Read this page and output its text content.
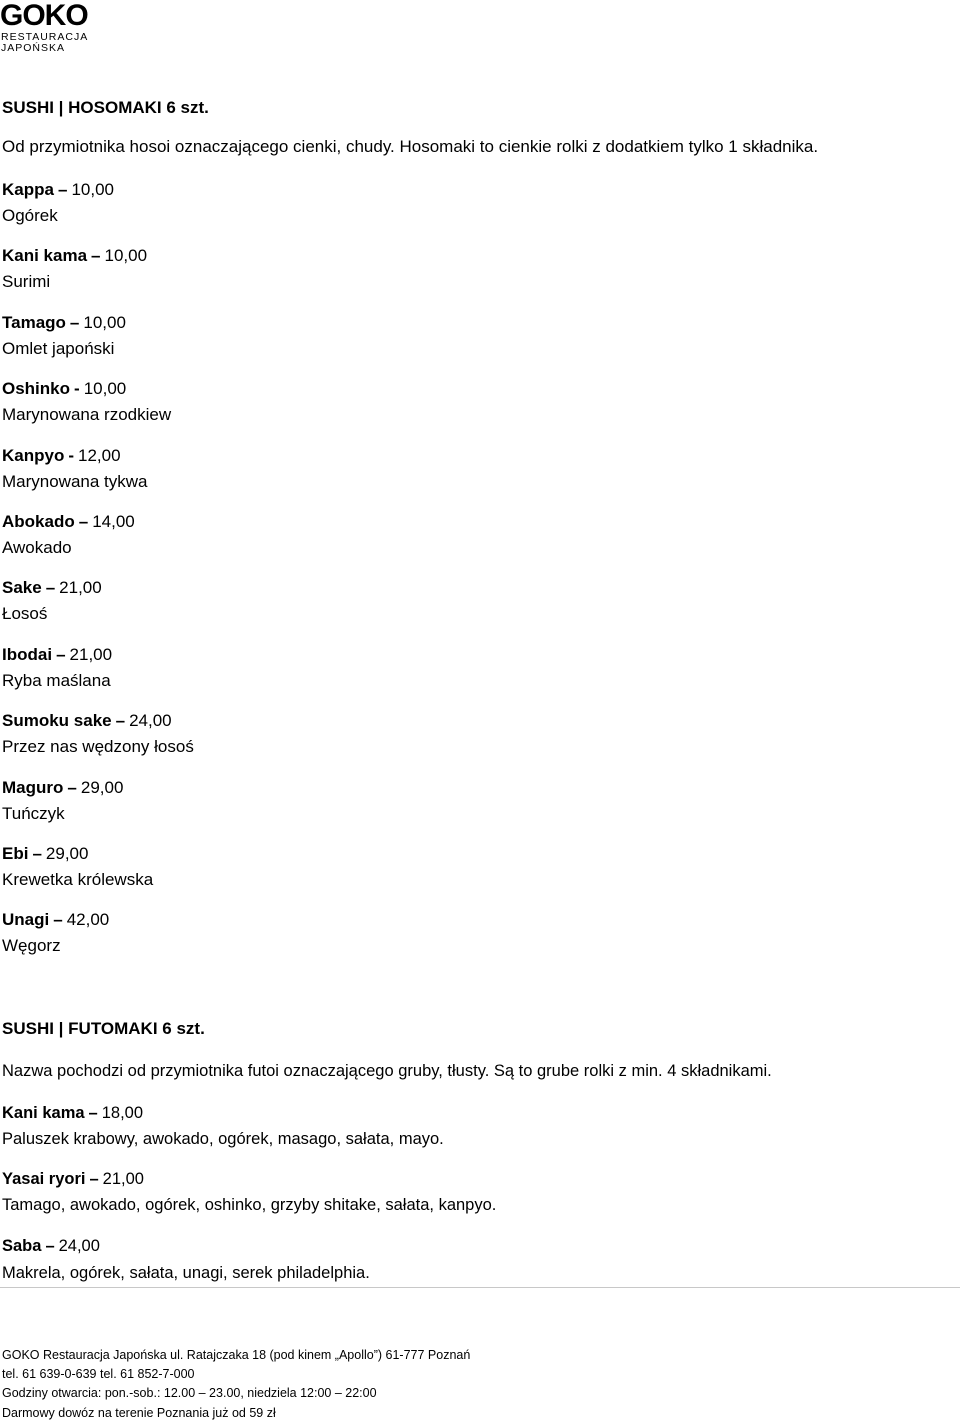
GOKO
RESTAURACJA
JAPOŃSKA
SUSHI | HOSOMAKI 6 szt.
Od przymiotnika hosoi oznaczającego cienki, chudy. Hosomaki to cienkie rolki z dodatkiem tylko 1 składnika.
Kappa – 10,00
Ogórek
Kani kama – 10,00
Surimi
Tamago – 10,00
Omlet japoński
Oshinko - 10,00
Marynowana rzodkiew
Kanpyo - 12,00
Marynowana tykwa
Abokado – 14,00
Awokado
Sake – 21,00
Łosoś
Ibodai – 21,00
Ryba maślana
Sumoku sake – 24,00
Przez nas wędzony łosoś
Maguro – 29,00
Tuńczyk
Ebi – 29,00
Krewetka królewska
Unagi – 42,00
Węgorz
SUSHI | FUTOMAKI 6 szt.
Nazwa pochodzi od przymiotnika futoi oznaczającego gruby, tłusty. Są to grube rolki z min. 4 składnikami.
Kani kama – 18,00
Paluszek krabowy, awokado, ogórek, masago, sałata, mayo.
Yasai ryori – 21,00
Tamago, awokado, ogórek, oshinko, grzyby shitake, sałata, kanpyo.
Saba – 24,00
Makrela, ogórek, sałata, unagi, serek philadelphia.
GOKO Restauracja Japońska ul. Ratajczaka 18 (pod kinem „Apollo”) 61-777 Poznań
tel. 61 639-0-639 tel. 61 852-7-000
Godziny otwarcia: pon.-sob.: 12.00 – 23.00, niedziela 12:00 – 22:00
Darmowy dowóz na terenie Poznania już od 59 zł
